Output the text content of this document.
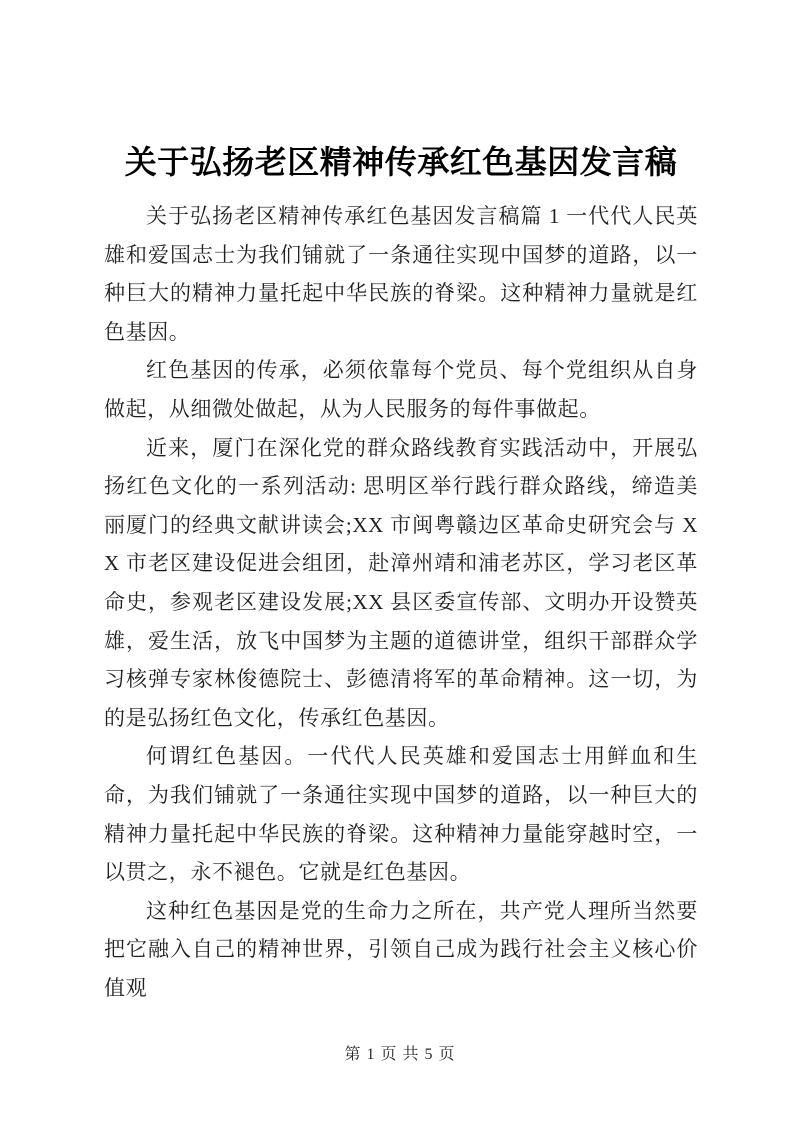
关于弘扬老区精神传承红色基因发言稿

关于弘扬老区精神传承红色基因发言稿篇 1 一代代人民英雄和爱国志士为我们铺就了一条通往实现中国梦的道路，以一种巨大的精神力量托起中华民族的脊梁。这种精神力量就是红色基因。

红色基因的传承，必须依靠每个党员、每个党组织从自身做起，从细微处做起，从为人民服务的每件事做起。

近来，厦门在深化党的群众路线教育实践活动中，开展弘扬红色文化的一系列活动: 思明区举行践行群众路线，缔造美丽厦门的经典文献讲读会;XX 市闽粤赣边区革命史研究会与 XX 市老区建设促进会组团，赴漳州靖和浦老苏区，学习老区革命史，参观老区建设发展;XX 县区委宣传部、文明办开设赞英雄，爱生活，放飞中国梦为主题的道德讲堂，组织干部群众学习核弹专家林俊德院士、彭德清将军的革命精神。这一切，为的是弘扬红色文化，传承红色基因。

何谓红色基因。一代代人民英雄和爱国志士用鲜血和生命，为我们铺就了一条通往实现中国梦的道路，以一种巨大的精神力量托起中华民族的脊梁。这种精神力量能穿越时空，一以贯之，永不褪色。它就是红色基因。

这种红色基因是党的生命力之所在，共产党人理所当然要把它融入自己的精神世界，引领自己成为践行社会主义核心价值观

第 1 页 共 5 页
